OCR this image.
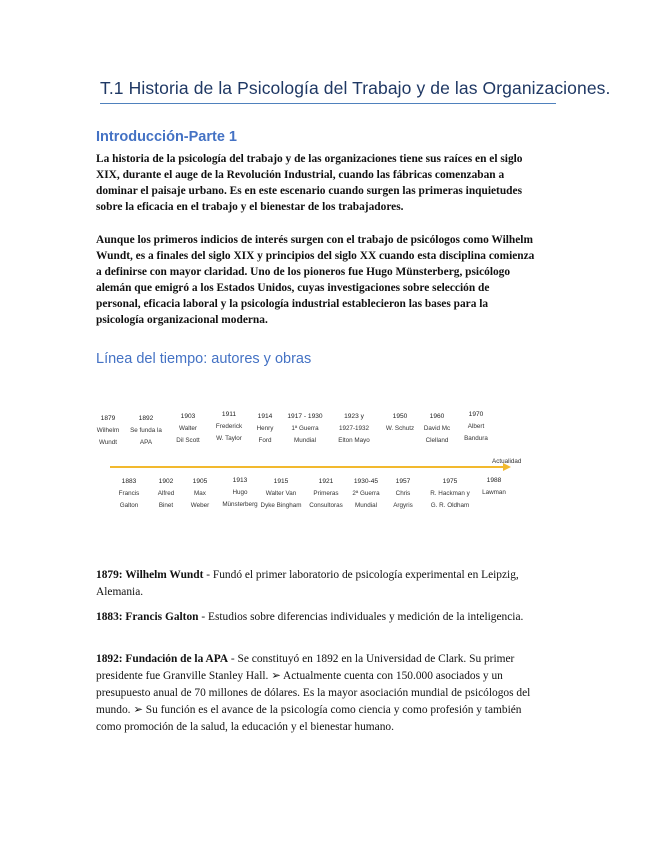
T.1 Historia de la Psicología del Trabajo y de las Organizaciones.
Introducción-Parte 1

La historia de la psicología del trabajo y de las organizaciones tiene sus raíces en el siglo XIX, durante el auge de la Revolución Industrial, cuando las fábricas comenzaban a dominar el paisaje urbano. Es en este escenario cuando surgen las primeras inquietudes sobre la eficacia en el trabajo y el bienestar de los trabajadores.

Aunque los primeros indicios de interés surgen con el trabajo de psicólogos como Wilhelm Wundt, es a finales del siglo XIX y principios del siglo XX cuando esta disciplina comienza a definirse con mayor claridad. Uno de los pioneros fue Hugo Münsterberg, psicólogo alemán que emigró a los Estados Unidos, cuyas investigaciones sobre selección de personal, eficacia laboral y la psicología industrial establecieron las bases para la psicología organizacional moderna.

Línea del tiempo: autores y obras
1879
Wilhelm
Wundt
1892
Se funda la
APA
1903
Walter
Dil Scott
1911
Frederick
W. Taylor
1914
Henry
Ford
1917 - 1930
1ª Guerra
Mundial
1923 y
1927-1932
Elton Mayo
1950
W. Schutz
1960
David Mc
Clelland
1970
Albert
Bandura
Actualidad
1883
Francis
Galton
1902
Alfred
Binet
1905
Max
Weber
1913
Hugo
Münsterberg
1915
Walter Van
Dyke Bingham
1921
Primeras
Consultoras
1930-45
2ª Guerra
Mundial
1957
Chris
Argyris
1975
R. Hackman y
G. R. Oldham
1988
Lawman

1879: Wilhelm Wundt - Fundó el primer laboratorio de psicología experimental en Leipzig, Alemania.

1883: Francis Galton - Estudios sobre diferencias individuales y medición de la inteligencia.

1892: Fundación de la APA - Se constituyó en 1892 en la Universidad de Clark. Su primer presidente fue Granville Stanley Hall. ➢ Actualmente cuenta con 150.000 asociados y un presupuesto anual de 70 millones de dólares. Es la mayor asociación mundial de psicólogos del mundo. ➢ Su función es el avance de la psicología como ciencia y como profesión y también como promoción de la salud, la educación y el bienestar humano.
